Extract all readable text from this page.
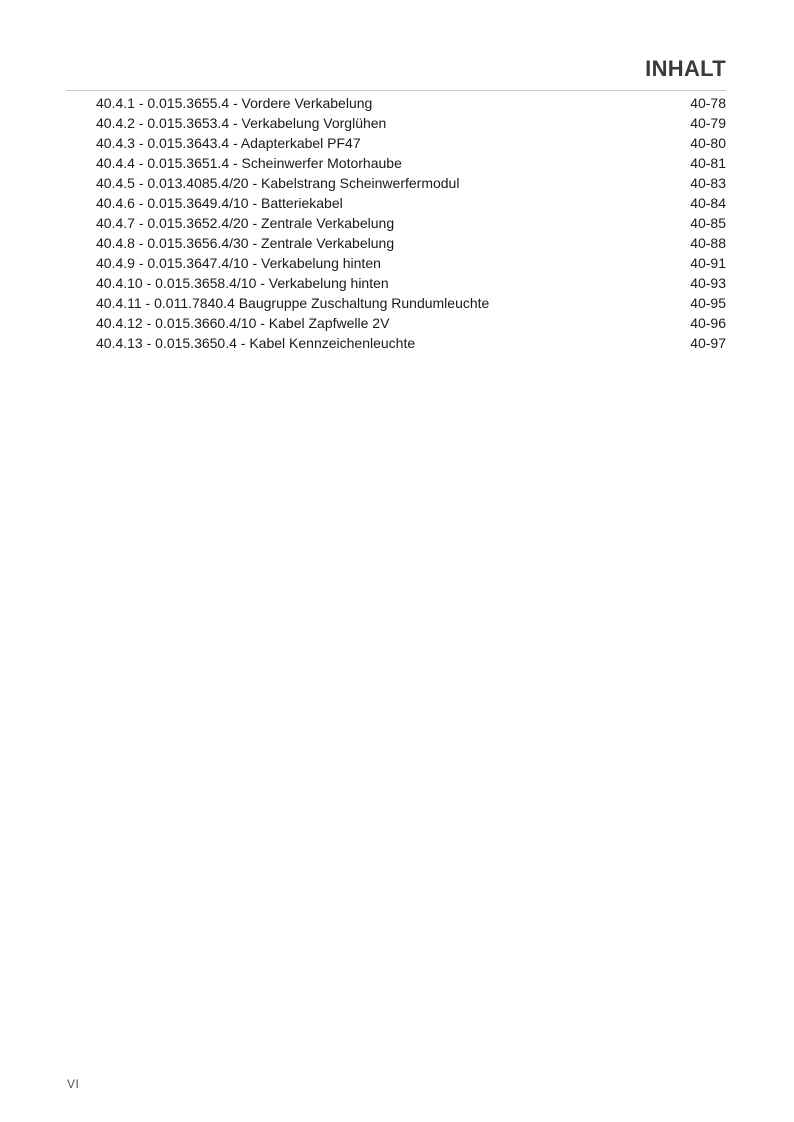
INHALT
40.4.1 - 0.015.3655.4 - Vordere Verkabelung	40-78
40.4.2 - 0.015.3653.4 - Verkabelung Vorglühen	40-79
40.4.3 - 0.015.3643.4 - Adapterkabel PF47	40-80
40.4.4 - 0.015.3651.4 - Scheinwerfer Motorhaube	40-81
40.4.5 - 0.013.4085.4/20 - Kabelstrang Scheinwerfermodul	40-83
40.4.6 - 0.015.3649.4/10 - Batteriekabel	40-84
40.4.7 - 0.015.3652.4/20 - Zentrale Verkabelung	40-85
40.4.8 - 0.015.3656.4/30 - Zentrale Verkabelung	40-88
40.4.9 - 0.015.3647.4/10 - Verkabelung hinten	40-91
40.4.10 - 0.015.3658.4/10 - Verkabelung hinten	40-93
40.4.11 - 0.011.7840.4 Baugruppe Zuschaltung Rundumleuchte	40-95
40.4.12 - 0.015.3660.4/10 - Kabel Zapfwelle 2V	40-96
40.4.13 - 0.015.3650.4 - Kabel Kennzeichenleuchte	40-97
VI
